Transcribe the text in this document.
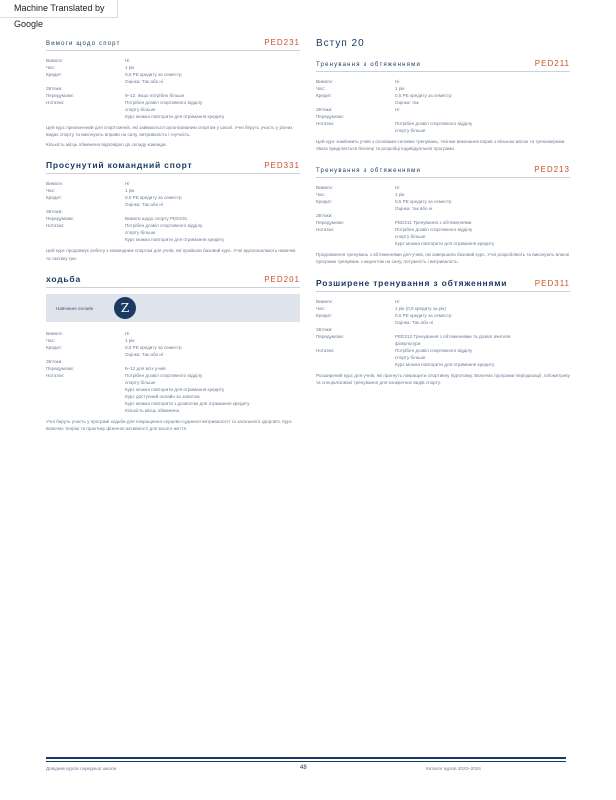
Machine Translated by Google
Вимоги щодо спорт	PED231
Вимоги:	Ні
Час:	1 рік
Кредит:	0,5 РЕ кредиту за семестр
Оцінка: Так або ні
Зв'язки:
Передумови:	9–12, якщо потрібно більше
Нотатки:	Потрібен дозвіл спортивного відділу
спорту більше
Курс можна повторити для отримання кредиту

Цей курс призначений для спортсменів, які займаються організованим спортом у школі. Учні беруть участь у різних видах спорту та виконують вправи на силу, витривалість і гнучкість.

Кількість місць обмежена відповідно до складу команди.

Просунутий командний спорт	PED331
Вимоги:	Ні
Час:	1 рік
Кредит:	0,5 РЕ кредиту за семестр
Оцінка: Так або ні
Зв'язки:
Передумови:	Вимоги щодо спорту PED231
Нотатки:	Потрібен дозвіл спортивного відділу
спорту більше
Курс можна повторити для отримання кредиту

Цей курс продовжує роботу з командним спортом для учнів, які пройшли базовий курс. Учні вдосконалюють навички та тактику гри.

ходьба	PED201
Навчання онлайн	Z
Вимоги:	Ні
Час:	1 рік
Кредит:	0,5 РЕ кредиту за семестр
Оцінка: Так або ні
Зв'язки:
Передумови:	9–12 для всіх учнів
Нотатки:	Потрібен дозвіл спортивного відділу
спорту більше
Курс можна повторити для отримання кредиту
Курс доступний онлайн за запитом
Курс можна повторити з дозволом для отримання кредиту
Кількість місць обмежена

Учні беруть участь у програмі ходьби для покращення серцево-судинної витривалості та загального здоров'я. Курс включає теорію та практику фізичної активності для всього життя.

Вступ 20
Тренування з обтяженнями	PED211
Вимоги:	Ні
Час:	1 рік
Кредит:	0,5 РЕ кредиту за семестр
Оцінка: так
Зв'язки:	Ні
Передумови:
Нотатки:	Потрібен дозвіл спортивного відділу
спорту більше

Цей курс знайомить учнів з основами силових тренувань, техніки виконання вправ з вільною вагою та тренажерами. Увага приділяється безпеці та розробці індивідуальної програми.

Тренування з обтяженнями	PED213
Вимоги:	Ні
Час:	1 рік
Кредит:	0,5 РЕ кредиту за семестр
Оцінка: так або ні
Зв'язки:
Передумови:	PED211 Тренування з обтяженнями
Нотатки:	Потрібен дозвіл спортивного відділу
спорту більше
Курс можна повторити для отримання кредиту

Продовження тренувань з обтяженнями для учнів, які завершили базовий курс. Учні розробляють та виконують власні програми тренувань з акцентом на силу, потужність і витривалість.

Розширене тренування з обтяженнями	PED311
Вимоги:	Ні
Час:	1 рік (0,5 кредиту за рік)
Кредит:	0,5 РЕ кредиту за семестр
Оцінка: Так або ні
Зв'язки:
Передумови:	PED213 Тренування з обтяженнями та дозвіл вчителя
фізкультури
Нотатки:	Потрібен дозвіл спортивного відділу
спорту більше
Курс можна повторити для отримання кредиту

Розширений курс для учнів, які прагнуть покращити спортивну підготовку. Включає програми періодизації, пліометрику та спеціалізовані тренування для конкретних видів спорту.

Довідник курсів середньої школи	48	Каталог курсів 2023–2024
